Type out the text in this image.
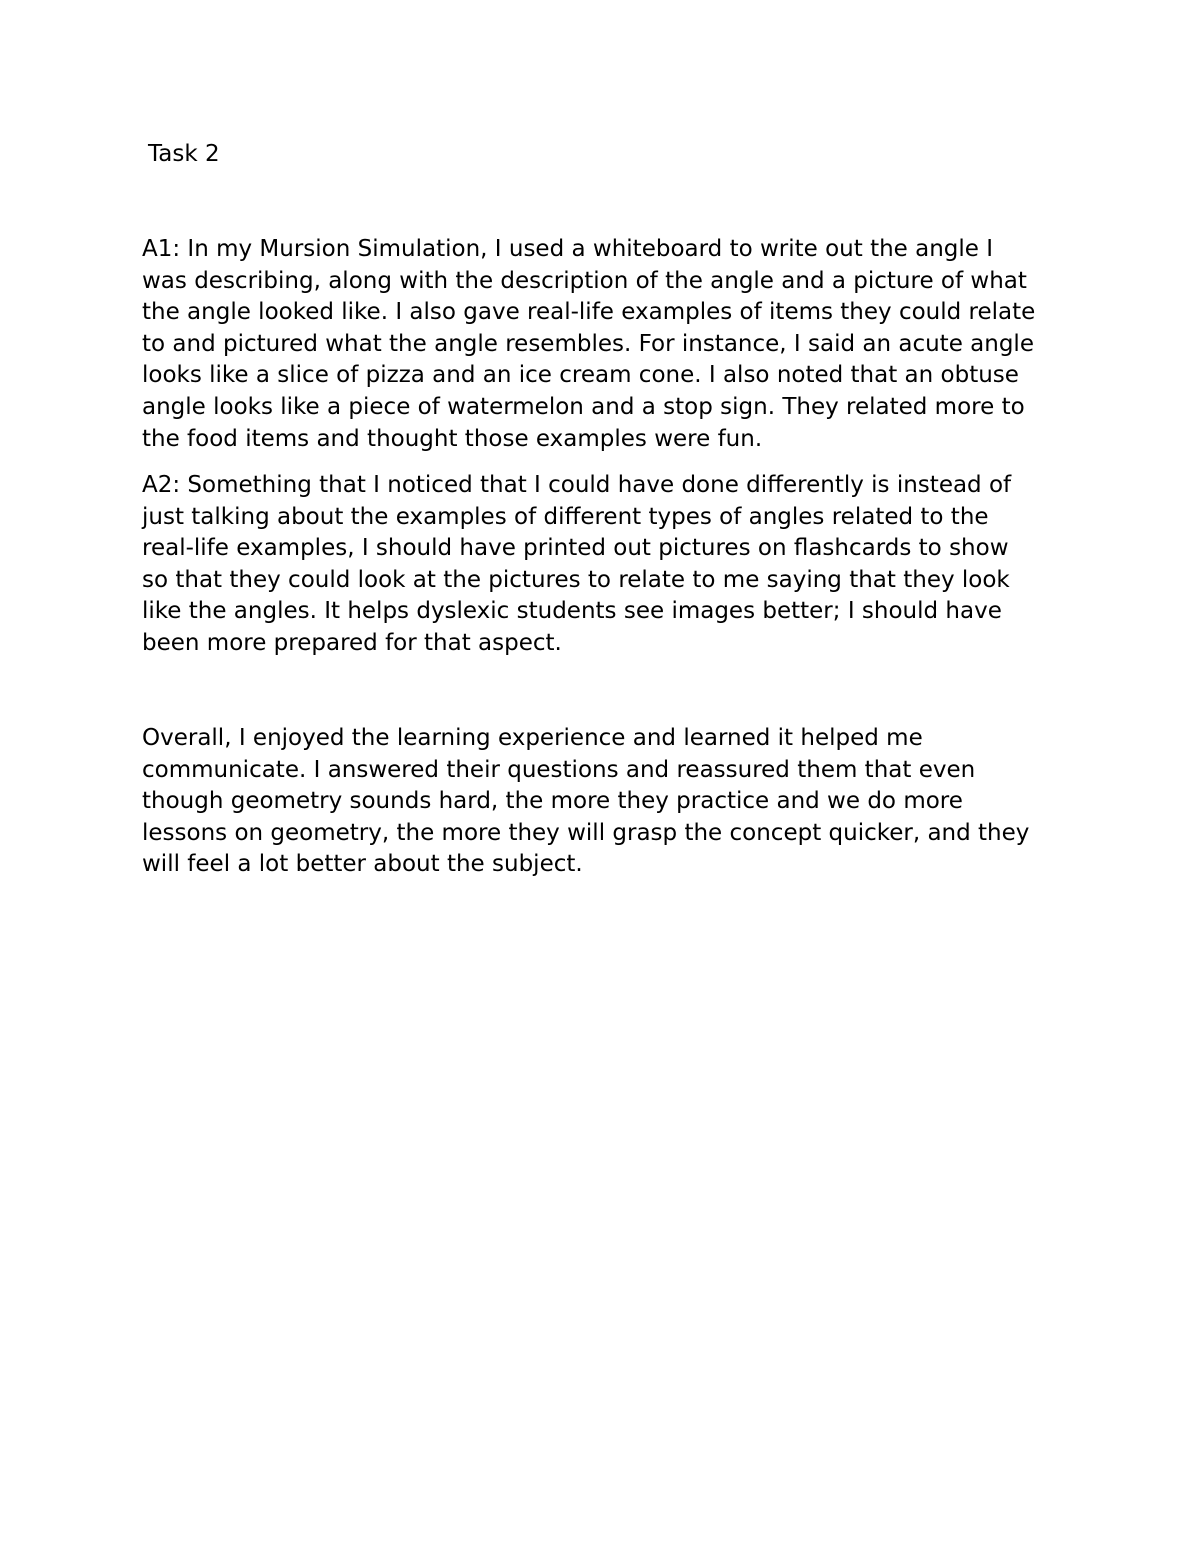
Task 2
A1: In my Mursion Simulation, I used a whiteboard to write out the angle I
was describing, along with the description of the angle and a picture of what
the angle looked like. I also gave real-life examples of items they could relate
to and pictured what the angle resembles. For instance, I said an acute angle
looks like a slice of pizza and an ice cream cone. I also noted that an obtuse
angle looks like a piece of watermelon and a stop sign. They related more to
the food items and thought those examples were fun.
A2: Something that I noticed that I could have done differently is instead of
just talking about the examples of different types of angles related to the
real-life examples, I should have printed out pictures on flashcards to show
so that they could look at the pictures to relate to me saying that they look
like the angles. It helps dyslexic students see images better; I should have
been more prepared for that aspect.
Overall, I enjoyed the learning experience and learned it helped me
communicate. I answered their questions and reassured them that even
though geometry sounds hard, the more they practice and we do more
lessons on geometry, the more they will grasp the concept quicker, and they
will feel a lot better about the subject.
